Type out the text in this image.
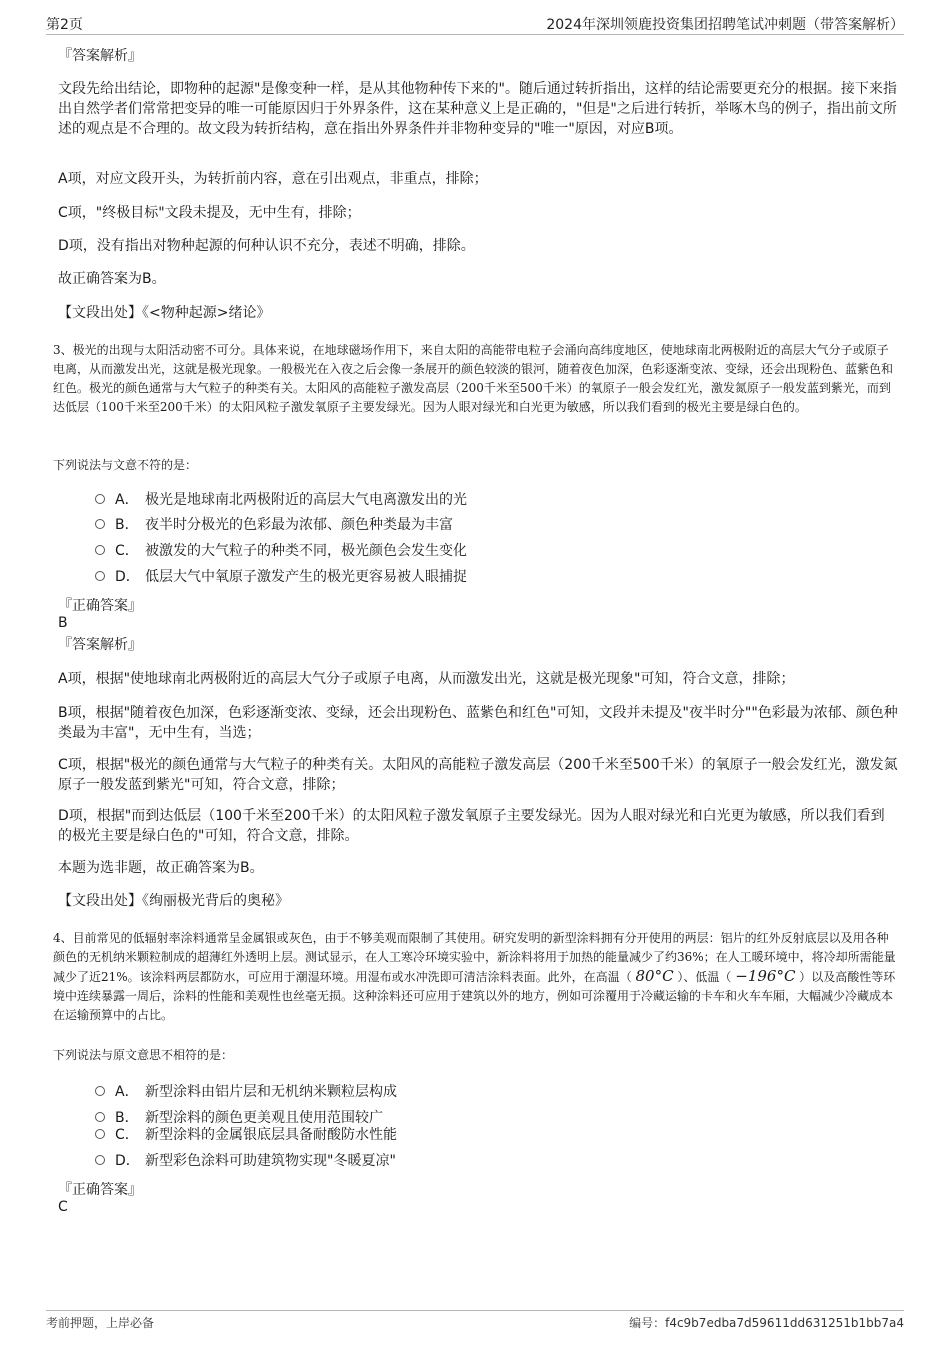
第2页	2024年深圳领鹿投资集团招聘笔试冲刺题（带答案解析）
『答案解析』
文段先给出结论，即物种的起源"是像变种一样，是从其他物种传下来的"。随后通过转折指出，这样的结论需要更充分的根据。接下来指出自然学者们常常把变异的唯一可能原因归于外界条件，这在某种意义上是正确的，"但是"之后进行转折，举啄木鸟的例子，指出前文所述的观点是不合理的。故文段为转折结构，意在指出外界条件并非物种变异的"唯一"原因，对应B项。
A项，对应文段开头，为转折前内容，意在引出观点，非重点，排除；
C项，"终极目标"文段未提及，无中生有，排除；
D项，没有指出对物种起源的何种认识不充分，表述不明确，排除。
故正确答案为B。
【文段出处】《<物种起源>绪论》
3、极光的出现与太阳活动密不可分。具体来说，在地球磁场作用下，来自太阳的高能带电粒子会涌向高纬度地区，使地球南北两极附近的高层大气分子或原子电离，从而激发出光，这就是极光现象。一般极光在入夜之后会像一条展开的颜色较淡的银河，随着夜色加深，色彩逐渐变浓、变绿，还会出现粉色、蓝紫色和红色。极光的颜色通常与大气粒子的种类有关。太阳风的高能粒子激发高层（200千米至500千米）的氧原子一般会发红光，激发氮原子一般发蓝到紫光，而到达低层（100千米至200千米）的太阳风粒子激发氧原子主要发绿光。因为人眼对绿光和白光更为敏感，所以我们看到的极光主要是绿白色的。
下列说法与文意不符的是：
A． 极光是地球南北两极附近的高层大气电离激发出的光
B． 夜半时分极光的色彩最为浓郁、颜色种类最为丰富
C． 被激发的大气粒子的种类不同，极光颜色会发生变化
D． 低层大气中氧原子激发产生的极光更容易被人眼捕捉
『正确答案』
B
『答案解析』
A项，根据"使地球南北两极附近的高层大气分子或原子电离，从而激发出光，这就是极光现象"可知，符合文意，排除；
B项，根据"随着夜色加深，色彩逐渐变浓、变绿，还会出现粉色、蓝紫色和红色"可知，文段并未提及"夜半时分""色彩最为浓郁、颜色种类最为丰富"，无中生有，当选；
C项，根据"极光的颜色通常与大气粒子的种类有关。太阳风的高能粒子激发高层（200千米至500千米）的氧原子一般会发红光，激发氮原子一般发蓝到紫光"可知，符合文意，排除；
D项，根据"而到达低层（100千米至200千米）的太阳风粒子激发氧原子主要发绿光。因为人眼对绿光和白光更为敏感，所以我们看到的极光主要是绿白色的"可知，符合文意，排除。
本题为选非题，故正确答案为B。
【文段出处】《绚丽极光背后的奥秘》
4、目前常见的低辐射率涂料通常呈金属银或灰色，由于不够美观而限制了其使用。研究发明的新型涂料拥有分开使用的两层：铝片的红外反射底层以及用各种颜色的无机纳米颗粒制成的超薄红外透明上层。测试显示，在人工寒冷环境实验中，新涂料将用于加热的能量减少了约36%；在人工暖环境中，将冷却所需能量减少了近21%。该涂料两层都防水，可应用于潮湿环境。用湿布或水冲洗即可清洁涂料表面。此外，在高温（ 80°C ）、低温（ −196°C ）以及高酸性等环境中连续暴露一周后，涂料的性能和美观性也丝毫无损。这种涂料还可应用于建筑以外的地方，例如可涂覆用于冷藏运输的卡车和火车车厢，大幅减少冷藏成本在运输预算中的占比。
下列说法与原文意思不相符的是：
A． 新型涂料由铝片层和无机纳米颗粒层构成
B． 新型涂料的颜色更美观且使用范围较广
C． 新型涂料的金属银底层具备耐酸防水性能
D． 新型彩色涂料可助建筑物实现"冬暖夏凉"
『正确答案』
C
考前押题，上岸必备	编号：f4c9b7edba7d59611dd631251b1bb7a4
